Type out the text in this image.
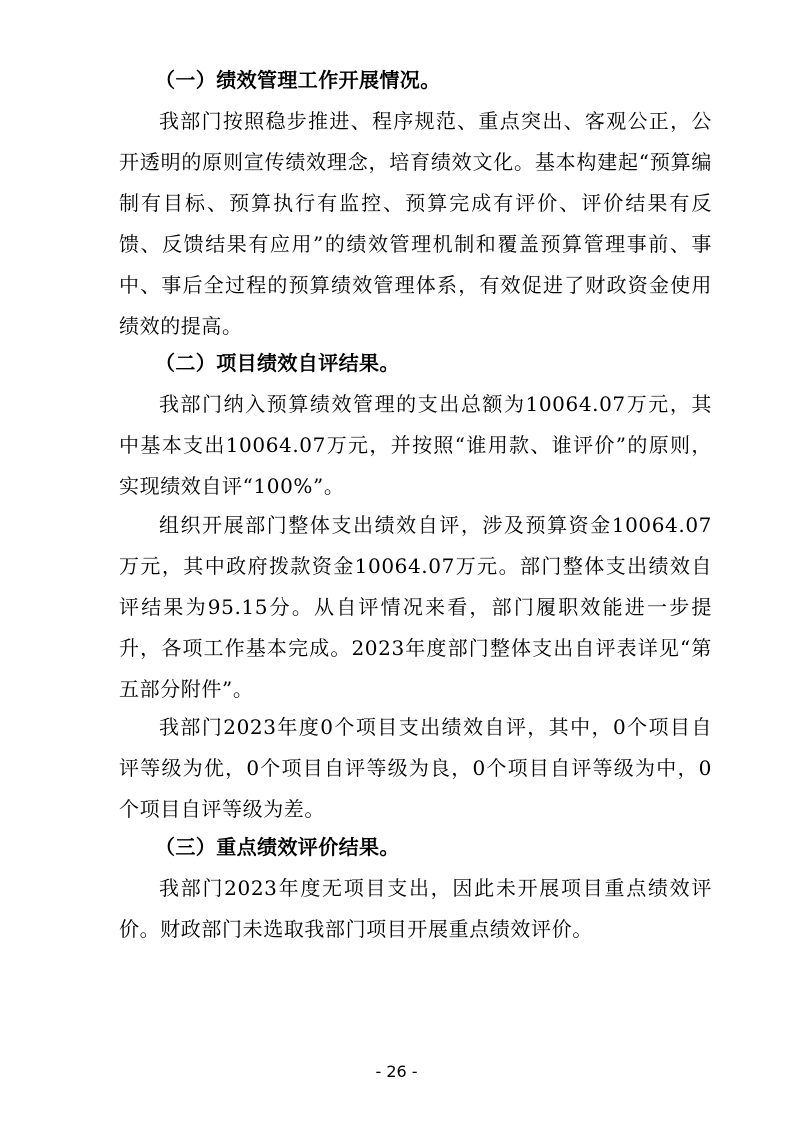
（一）绩效管理工作开展情况。

我部门按照稳步推进、程序规范、重点突出、客观公正，公开透明的原则宣传绩效理念，培育绩效文化。基本构建起“预算编制有目标、预算执行有监控、预算完成有评价、评价结果有反馈、反馈结果有应用”的绩效管理机制和覆盖预算管理事前、事中、事后全过程的预算绩效管理体系，有效促进了财政资金使用绩效的提高。

（二）项目绩效自评结果。

我部门纳入预算绩效管理的支出总额为10064.07万元，其中基本支出10064.07万元，并按照“谁用款、谁评价”的原则，实现绩效自评“100%”。

组织开展部门整体支出绩效自评，涉及预算资金10064.07万元，其中政府拨款资金10064.07万元。部门整体支出绩效自评结果为95.15分。从自评情况来看，部门履职效能进一步提升，各项工作基本完成。2023年度部门整体支出自评表详见“第五部分附件”。

我部门2023年度0个项目支出绩效自评，其中，0个项目自评等级为优，0个项目自评等级为良，0个项目自评等级为中，0个项目自评等级为差。

（三）重点绩效评价结果。

我部门2023年度无项目支出，因此未开展项目重点绩效评价。财政部门未选取我部门项目开展重点绩效评价。

- 26 -
